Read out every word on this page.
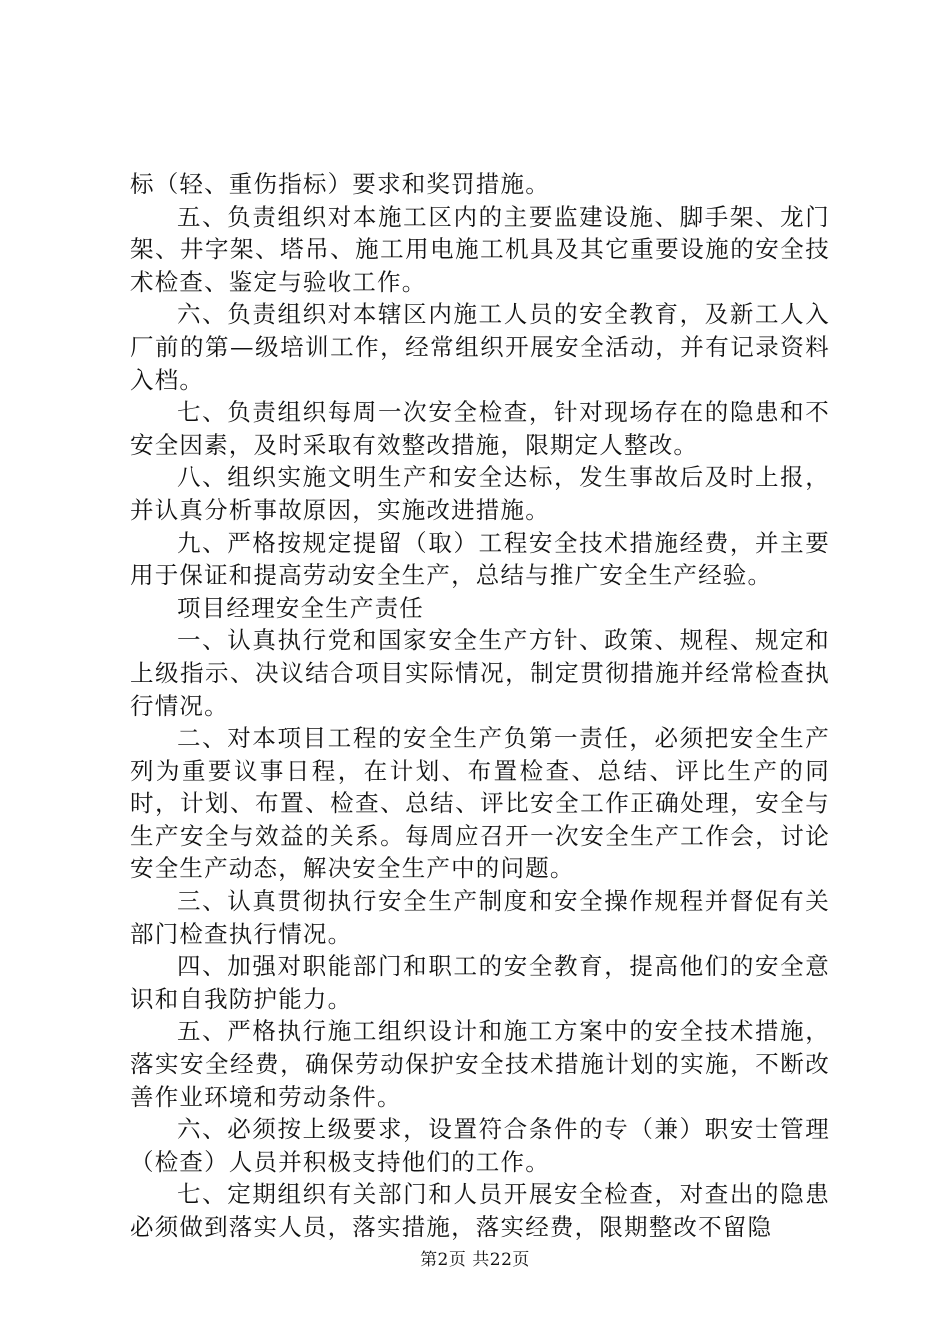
标（轻、重伤指标）要求和奖罚措施。

五、负责组织对本施工区内的主要监建设施、脚手架、龙门架、井字架、塔吊、施工用电施工机具及其它重要设施的安全技术检查、鉴定与验收工作。

六、负责组织对本辖区内施工人员的安全教育，及新工人入厂前的第—级培训工作，经常组织开展安全活动，并有记录资料入档。

七、负责组织每周一次安全检查，针对现场存在的隐患和不安全因素，及时采取有效整改措施，限期定人整改。

八、组织实施文明生产和安全达标，发生事故后及时上报，并认真分析事故原因，实施改进措施。

九、严格按规定提留（取）工程安全技术措施经费，并主要用于保证和提高劳动安全生产，总结与推广安全生产经验。

项目经理安全生产责任

一、认真执行党和国家安全生产方针、政策、规程、规定和上级指示、决议结合项目实际情况，制定贯彻措施并经常检查执行情况。

二、对本项目工程的安全生产负第一责任，必须把安全生产列为重要议事日程，在计划、布置检查、总结、评比生产的同时，计划、布置、检查、总结、评比安全工作正确处理，安全与生产安全与效益的关系。每周应召开一次安全生产工作会，讨论安全生产动态，解决安全生产中的问题。

三、认真贯彻执行安全生产制度和安全操作规程并督促有关部门检查执行情况。

四、加强对职能部门和职工的安全教育，提高他们的安全意识和自我防护能力。

五、严格执行施工组织设计和施工方案中的安全技术措施，落实安全经费，确保劳动保护安全技术措施计划的实施，不断改善作业环境和劳动条件。

六、必须按上级要求，设置符合条件的专（兼）职安士管理（检查）人员并积极支持他们的工作。

七、定期组织有关部门和人员开展安全检查，对查出的隐患必须做到落实人员，落实措施，落实经费，限期整改不留隐

第2页 共22页
